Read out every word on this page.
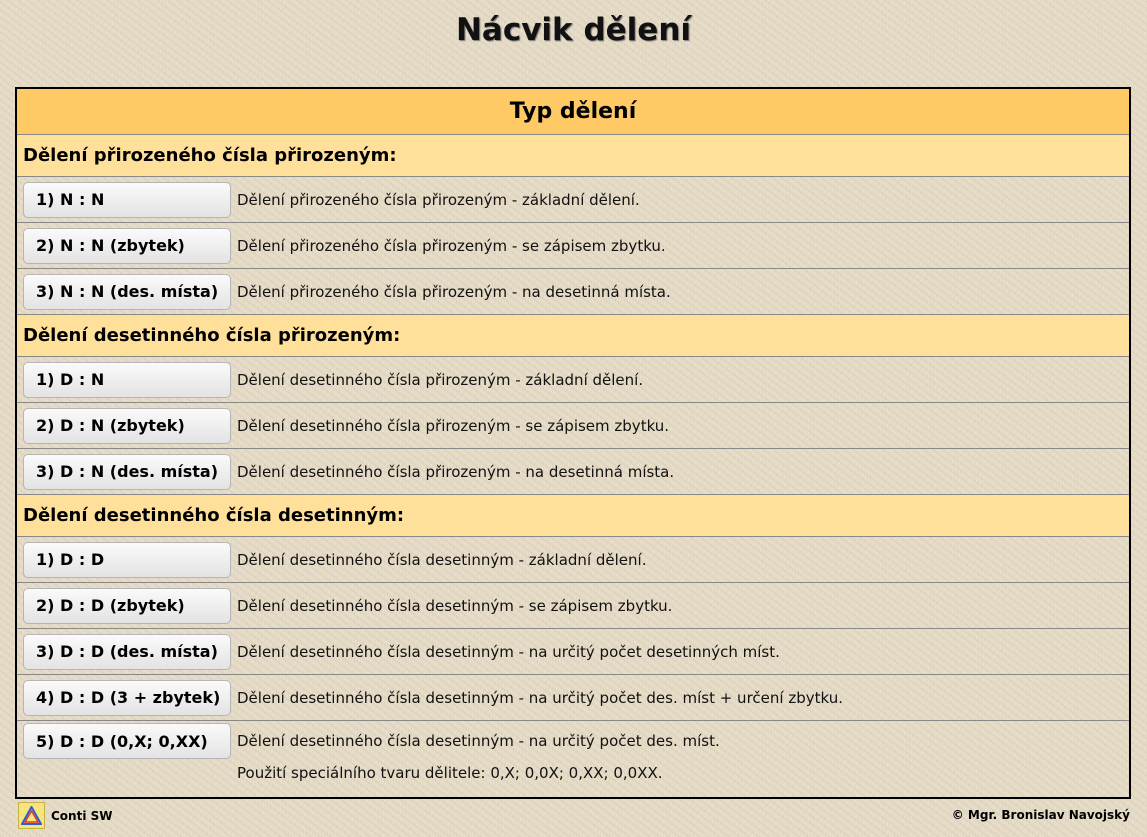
Nácvik dělení
Typ dělení
Dělení přirozeného čísla přirozeným:
1) N : N	Dělení přirozeného čísla přirozeným - základní dělení.
2) N : N (zbytek)	Dělení přirozeného čísla přirozeným - se zápisem zbytku.
3) N : N (des. místa)	Dělení přirozeného čísla přirozeným - na desetinná místa.
Dělení desetinného čísla přirozeným:
1) D : N	Dělení desetinného čísla přirozeným - základní dělení.
2) D : N (zbytek)	Dělení desetinného čísla přirozeným - se zápisem zbytku.
3) D : N (des. místa)	Dělení desetinného čísla přirozeným - na desetinná místa.
Dělení desetinného čísla desetinným:
1) D : D	Dělení desetinného čísla desetinným - základní dělení.
2) D : D (zbytek)	Dělení desetinného čísla desetinným - se zápisem zbytku.
3) D : D (des. místa)	Dělení desetinného čísla desetinným - na určitý počet desetinných míst.
4) D : D (3 + zbytek)	Dělení desetinného čísla desetinným - na určitý počet des. míst + určení zbytku.
5) D : D (0,X; 0,XX)	Dělení desetinného čísla desetinným - na určitý počet des. míst.
Použití speciálního tvaru dělitele: 0,X; 0,0X; 0,XX; 0,0XX.
Conti SW	© Mgr. Bronislav Navojský
